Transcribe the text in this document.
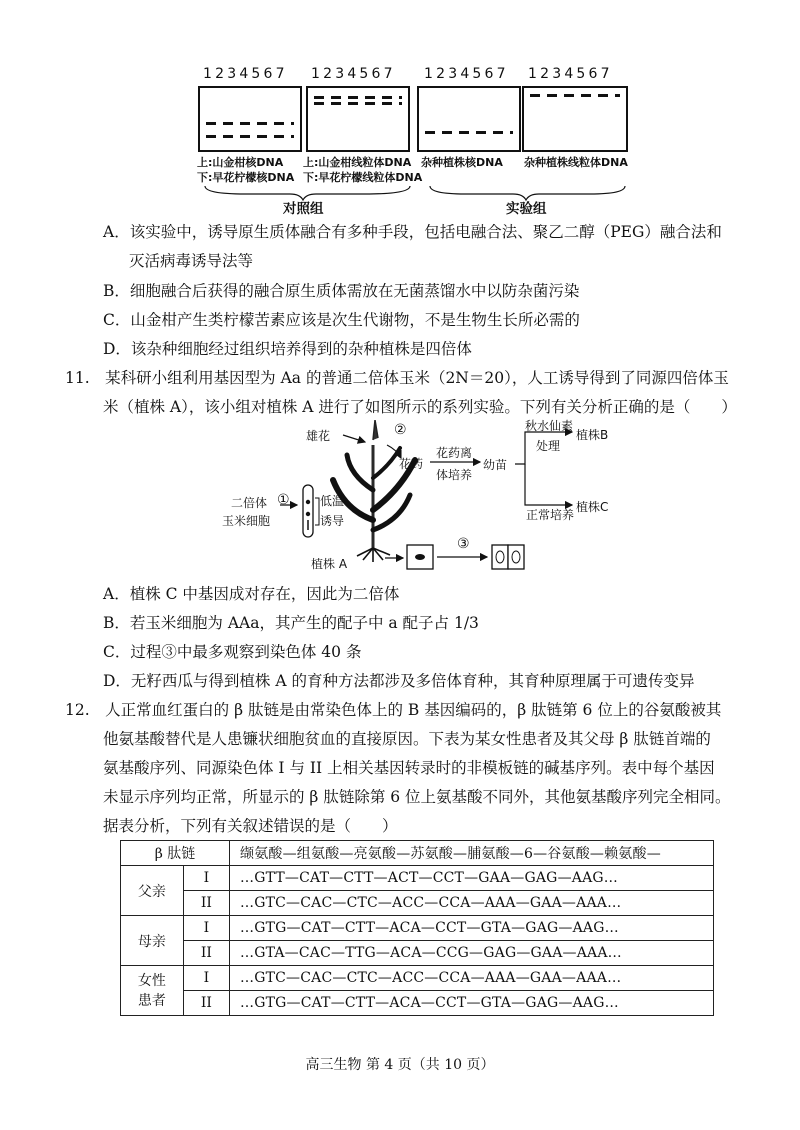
1234567 1234567 1234567 1234567
上:山金柑核DNA
下:早花柠檬核DNA
上:山金柑线粒体DNA
下:早花柠檬线粒体DNA
杂种植株核DNA 杂种植株线粒体DNA
对照组	实验组
A．该实验中，诱导原生质体融合有多种手段，包括电融合法、聚乙二醇（PEG）融合法和
灭活病毒诱导法等
B．细胞融合后获得的融合原生质体需放在无菌蒸馏水中以防杂菌污染
C．山金柑产生类柠檬苦素应该是次生代谢物，不是生物生长所必需的
D．该杂种细胞经过组织培养得到的杂种植株是四倍体
11.　某科研小组利用基因型为 Aa 的普通二倍体玉米（2N＝20），人工诱导得到了同源四倍体玉
米（植株 A），该小组对植株 A 进行了如图所示的系列实验。下列有关分析正确的是（　　）
雄花	②
花药
花药离
体培养
幼苗
秋水仙素
处理
植株B
植株C
正常培养
二倍体
玉米细胞
①	低温
诱导
植株 A
③
A．植株 C 中基因成对存在，因此为二倍体
B．若玉米细胞为 AAa，其产生的配子中 a 配子占 1/3
C．过程③中最多观察到染色体 40 条
D．无籽西瓜与得到植株 A 的育种方法都涉及多倍体育种，其育种原理属于可遗传变异
12.　人正常血红蛋白的 β 肽链是由常染色体上的 B 基因编码的，β 肽链第 6 位上的谷氨酸被其
他氨基酸替代是人患镰状细胞贫血的直接原因。下表为某女性患者及其父母 β 肽链首端的
氨基酸序列、同源染色体 I 与 II 上相关基因转录时的非模板链的碱基序列。表中每个基因
未显示序列均正常，所显示的 β 肽链除第 6 位上氨基酸不同外，其他氨基酸序列完全相同。
据表分析，下列有关叙述错误的是（　　）
β 肽链		缬氨酸—组氨酸—亮氨酸—苏氨酸—脯氨酸—6—谷氨酸—赖氨酸—
父亲	I	…GTT—CAT—CTT—ACT—CCT—GAA—GAG—AAG…
	II	…GTC—CAC—CTC—ACC—CCA—AAA—GAA—AAA…
母亲	I	…GTG—CAT—CTT—ACA—CCT—GTA—GAG—AAG…
	II	…GTA—CAC—TTG—ACA—CCG—GAG—GAA—AAA…

女性
患者	I	…GTC—CAC—CTC—ACC—CCA—AAA—GAA—AAA…
	II	…GTG—CAT—CTT—ACA—CCT—GTA—GAG—AAG…
高三生物 第 4 页（共 10 页）
